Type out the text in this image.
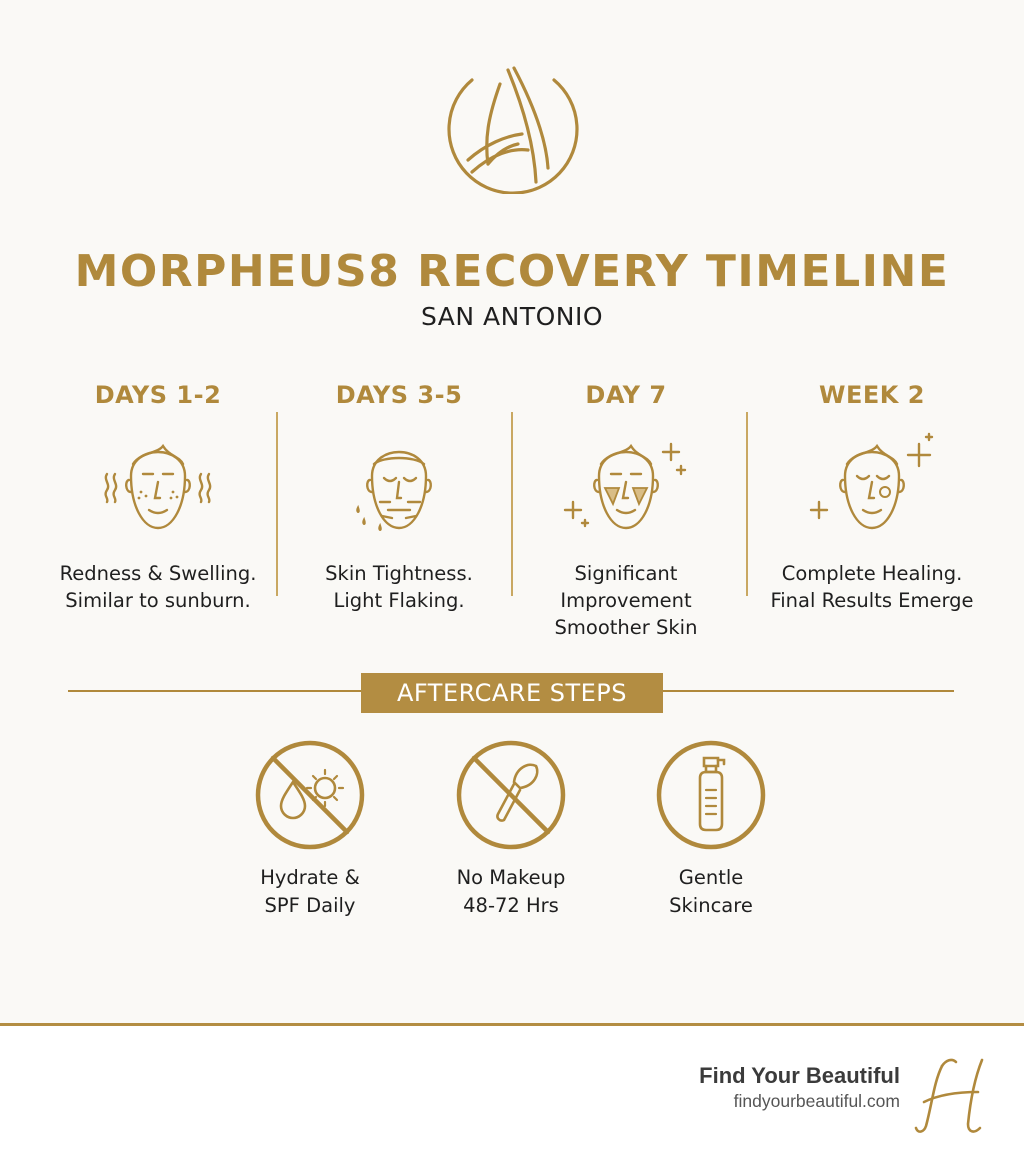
MORPHEUS8 RECOVERY TIMELINE
SAN ANTONIO
DAYS 1-2
Redness & Swelling.
Similar to sunburn.
DAYS 3-5
Skin Tightness.
Light Flaking.
DAY 7
Significant
Improvement
Smoother Skin
WEEK 2
Complete Healing.
Final Results Emerge
AFTERCARE STEPS
Hydrate &
SPF Daily
No Makeup
48-72 Hrs
Gentle
Skincare
Find Your Beautiful
findyourbeautiful.com
